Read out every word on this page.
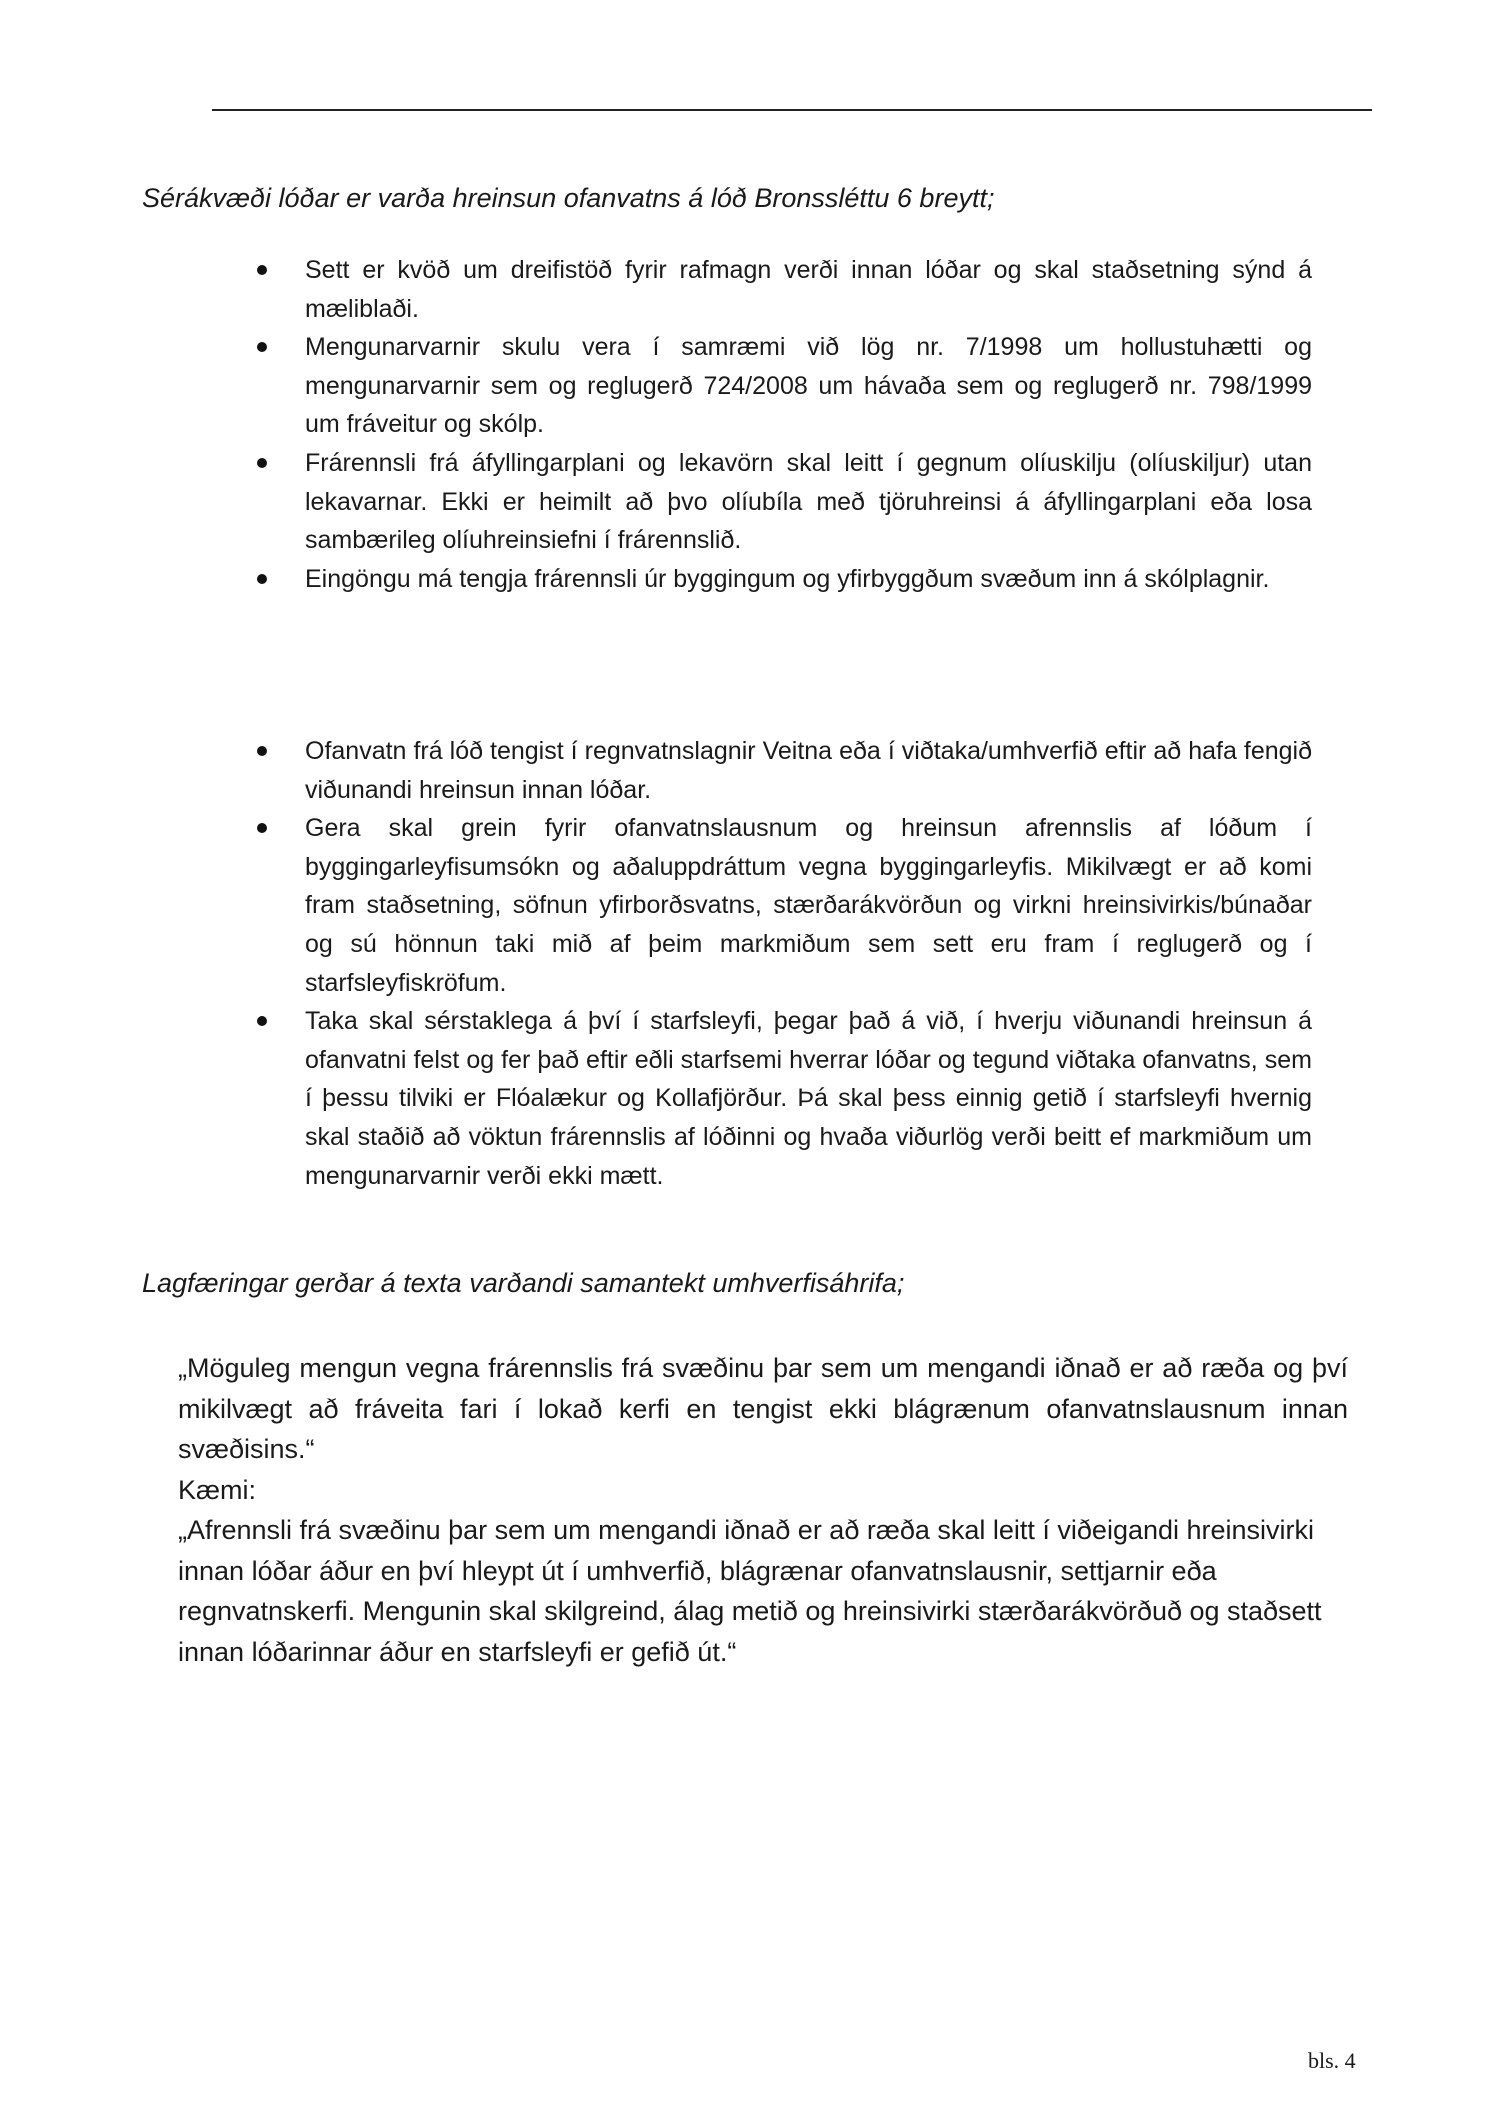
Sérákvæði lóðar er varða hreinsun ofanvatns á lóð Bronssléttu 6 breytt;
Sett er kvöð um dreifistöð fyrir rafmagn verði innan lóðar og skal staðsetning sýnd á mæliblaði.
Mengunarvarnir skulu vera í samræmi við lög nr. 7/1998 um hollustuhætti og mengunarvarnir sem og reglugerð 724/2008 um hávaða sem og reglugerð nr. 798/1999 um fráveitur og skólp.
Frárennsli frá áfyllingarplani og lekavörn skal leitt í gegnum olíuskilju (olíuskiljur) utan lekavarnar. Ekki er heimilt að þvo olíubíla með tjöruhreinsi á áfyllingarplani eða losa sambærileg olíuhreinsiefni í frárennslið.
Eingöngu má tengja frárennsli úr byggingum og yfirbyggðum svæðum inn á skólplagnir.
Ofanvatn frá lóð tengist í regnvatnslagnir Veitna eða í viðtaka/umhverfið eftir að hafa fengið viðunandi hreinsun innan lóðar.
Gera skal grein fyrir ofanvatnslausnum og hreinsun afrennslis af lóðum í byggingarleyfisumsókn og aðaluppdráttum vegna byggingarleyfis. Mikilvægt er að komi fram staðsetning, söfnun yfirborðsvatns, stærðarákvörðun og virkni hreinsivirkis/búnaðar og sú hönnun taki mið af þeim markmiðum sem sett eru fram í reglugerð og í starfsleyfiskröfum.
Taka skal sérstaklega á því í starfsleyfi, þegar það á við, í hverju viðunandi hreinsun á ofanvatni felst og fer það eftir eðli starfsemi hverrar lóðar og tegund viðtaka ofanvatns, sem í þessu tilviki er Flóalækur og Kollafjörður. Þá skal þess einnig getið í starfsleyfi hvernig skal staðið að vöktun frárennslis af lóðinni og hvaða viðurlög verði beitt ef markmiðum um mengunarvarnir verði ekki mætt.
Lagfæringar gerðar á texta varðandi samantekt umhverfisáhrifa;

„Möguleg mengun vegna frárennslis frá svæðinu þar sem um mengandi iðnað er að ræða og því mikilvægt að fráveita fari í lokað kerfi en tengist ekki blágrænum ofanvatnslausnum innan svæðisins.“

Kæmi:

„Afrennsli frá svæðinu þar sem um mengandi iðnað er að ræða skal leitt í viðeigandi hreinsivirki

innan lóðar áður en því hleypt út í umhverfið, blágrænar ofanvatnslausnir, settjarnir eða regnvatnskerfi. Mengunin skal skilgreind, álag metið og hreinsivirki stærðarákvörðuð og staðsett innan lóðarinnar áður en starfsleyfi er gefið út.“

bls. 4
